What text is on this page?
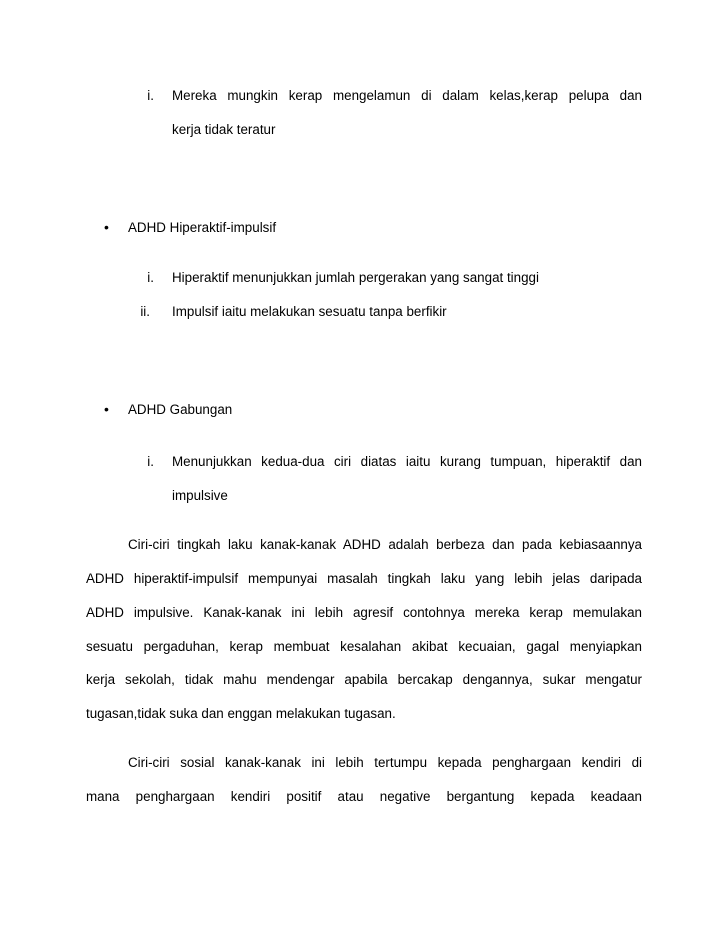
i. Mereka mungkin kerap mengelamun di dalam kelas,kerap pelupa dan
kerja tidak teratur
• ADHD Hiperaktif-impulsif
i. Hiperaktif menunjukkan jumlah pergerakan yang sangat tinggi
ii. Impulsif iaitu melakukan sesuatu tanpa berfikir
• ADHD Gabungan
i. Menunjukkan kedua-dua ciri diatas iaitu kurang tumpuan, hiperaktif dan
impulsive
Ciri-ciri tingkah laku kanak-kanak ADHD adalah berbeza dan pada kebiasaannya
ADHD hiperaktif-impulsif mempunyai masalah tingkah laku yang lebih jelas daripada
ADHD impulsive. Kanak-kanak ini lebih agresif contohnya mereka kerap memulakan
sesuatu pergaduhan, kerap membuat kesalahan akibat kecuaian, gagal menyiapkan
kerja sekolah, tidak mahu mendengar apabila bercakap dengannya, sukar mengatur
tugasan,tidak suka dan enggan melakukan tugasan.
Ciri-ciri sosial kanak-kanak ini lebih tertumpu kepada penghargaan kendiri di
mana penghargaan kendiri positif atau negative bergantung kepada keadaan
